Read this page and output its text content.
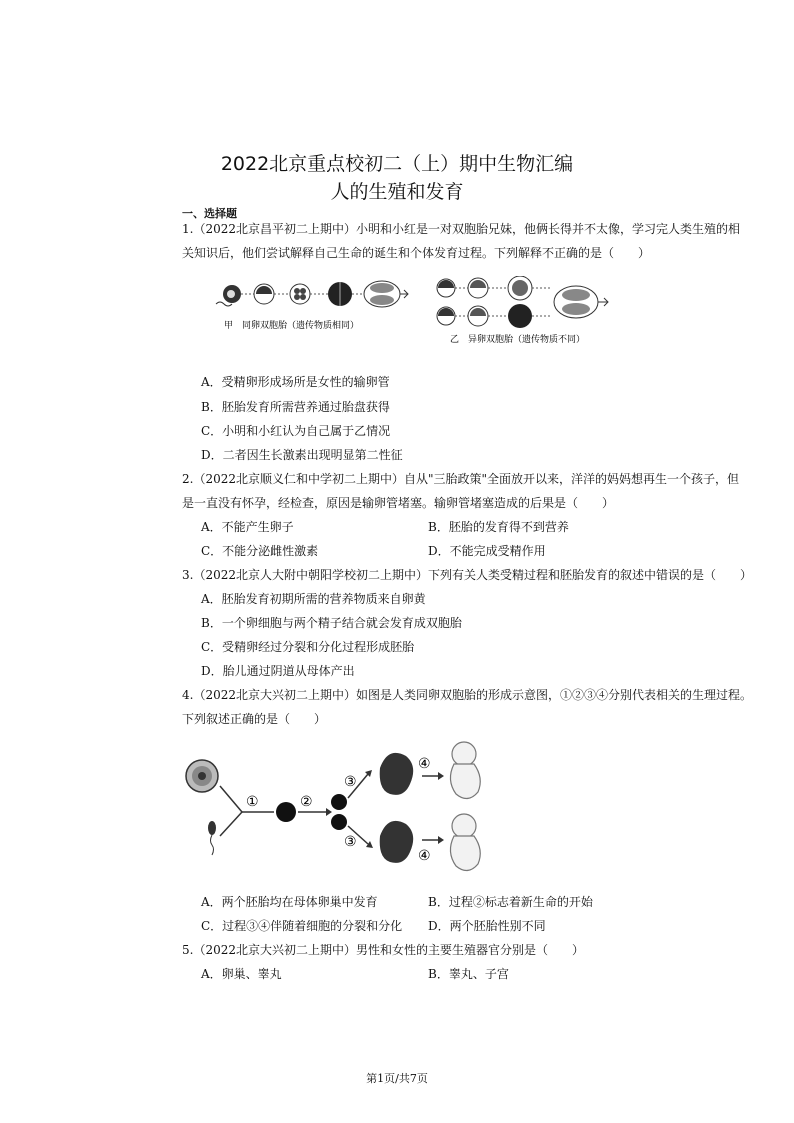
2022北京重点校初二（上）期中生物汇编
人的生殖和发育
一、选择题
1.（2022北京昌平初二上期中）小明和小红是一对双胞胎兄妹，他俩长得并不太像，学习完人类生殖的相
关知识后，他们尝试解释自己生命的诞生和个体发育过程。下列解释不正确的是（　　）
甲　同卵双胞胎（遗传物质相同）
乙　异卵双胞胎（遗传物质不同）
A．受精卵形成场所是女性的输卵管
B．胚胎发育所需营养通过胎盘获得
C．小明和小红认为自己属于乙情况
D．二者因生长激素出现明显第二性征
2.（2022北京顺义仁和中学初二上期中）自从"三胎政策"全面放开以来，洋洋的妈妈想再生一个孩子，但
是一直没有怀孕，经检查，原因是输卵管堵塞。输卵管堵塞造成的后果是（　　）
A．不能产生卵子	B．胚胎的发育得不到营养
C．不能分泌雌性激素	D．不能完成受精作用
3.（2022北京人大附中朝阳学校初二上期中）下列有关人类受精过程和胚胎发育的叙述中错误的是（　　）
A．胚胎发育初期所需的营养物质来自卵黄
B．一个卵细胞与两个精子结合就会发育成双胞胎
C．受精卵经过分裂和分化过程形成胚胎
D．胎儿通过阴道从母体产出
4.（2022北京大兴初二上期中）如图是人类同卵双胞胎的形成示意图，①②③④分别代表相关的生理过程。
下列叙述正确的是（　　）
①	②
③
③
④
④
A．两个胚胎均在母体卵巢中发育	B．过程②标志着新生命的开始
C．过程③④伴随着细胞的分裂和分化 D．两个胚胎性别不同
5.（2022北京大兴初二上期中）男性和女性的主要生殖器官分别是（　　）
A．卵巢、睾丸	B．睾丸、子宫
第1页/共7页
